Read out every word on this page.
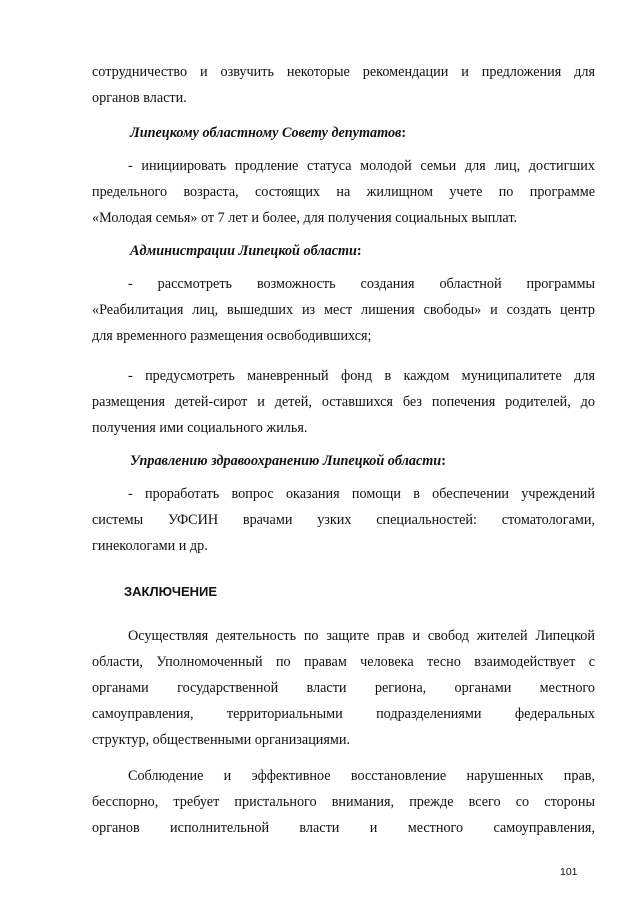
сотрудничество и озвучить некоторые рекомендации и предложения для
органов власти.
Липецкому областному Совету депутатов:
- инициировать продление статуса молодой семьи для лиц, достигших
предельного возраста, состоящих на жилищном учете по программе
«Молодая семья» от 7 лет и более, для получения социальных выплат.
Администрации Липецкой области:
- рассмотреть возможность создания областной программы
«Реабилитация лиц, вышедших из мест лишения свободы» и создать центр
для временного размещения освободившихся;
- предусмотреть маневренный фонд в каждом муниципалитете для
размещения детей-сирот и детей, оставшихся без попечения родителей, до
получения ими социального жилья.
Управлению здравоохранению Липецкой области:
- проработать вопрос оказания помощи в обеспечении учреждений
системы УФСИН врачами узких специальностей: стоматологами,
гинекологами и др.
ЗАКЛЮЧЕНИЕ
Осуществляя деятельность по защите прав и свобод жителей Липецкой
области, Уполномоченный по правам человека тесно взаимодействует с
органами государственной власти региона, органами местного
самоуправления, территориальными подразделениями федеральных
структур, общественными организациями.
Соблюдение и эффективное восстановление нарушенных прав,
бесспорно, требует пристального внимания, прежде всего со стороны
органов исполнительной власти и местного самоуправления,
101
